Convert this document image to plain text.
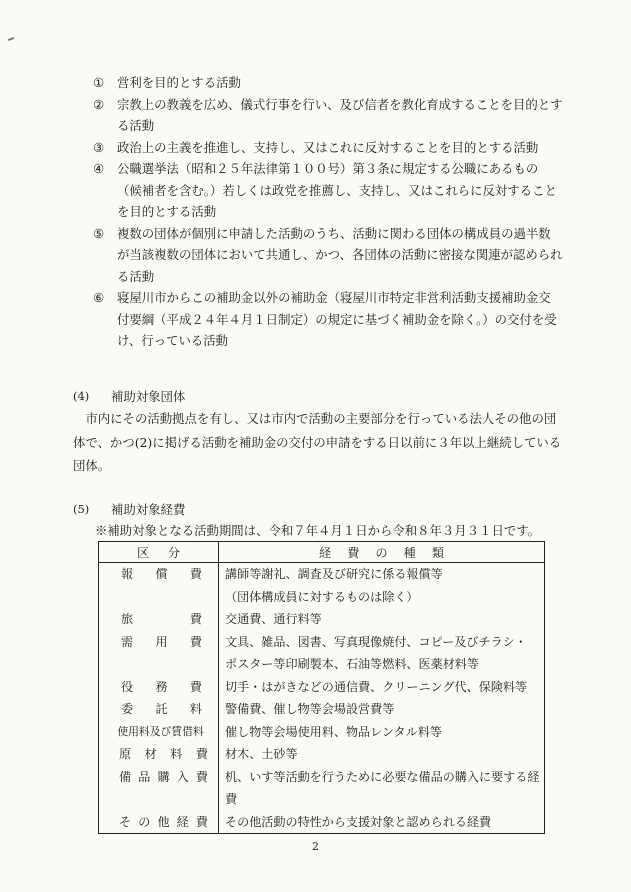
①	営利を目的とする活動
②	宗教上の教義を広め、儀式行事を行い、及び信者を教化育成することを目的とする活動
③	政治上の主義を推進し、支持し、又はこれに反対することを目的とする活動
④	公職選挙法（昭和２５年法律第１００号）第３条に規定する公職にあるもの（候補者を含む。）若しくは政党を推薦し、支持し、又はこれらに反対することを目的とする活動
⑤	複数の団体が個別に申請した活動のうち、活動に関わる団体の構成員の過半数が当該複数の団体において共通し、かつ、各団体の活動に密接な関連が認められる活動
⑥	寝屋川市からこの補助金以外の補助金（寝屋川市特定非営利活動支援補助金交付要綱（平成２４年４月１日制定）の規定に基づく補助金を除く。）の交付を受け、行っている活動
(4)	補助対象団体
市内にその活動拠点を有し、又は市内で活動の主要部分を行っている法人その他の団体で、かつ(2)に掲げる活動を補助金の交付の申請をする日以前に３年以上継続している団体。
(5)	補助対象経費
※補助対象となる活動期間は、令和７年４月１日から令和８年３月３１日です。
区 分	経 費 の 種 類

報 償 費	講師等謝礼、調査及び研究に係る報償等
	（団体構成員に対するものは除く）

旅 費	交通費、通行料等

需 用 費	文具、雑品、図書、写真現像焼付、コピー及びチラシ・
	ポスター等印刷製本、石油等燃料、医薬材料等

役 務 費	切手・はがきなどの通信費、クリーニング代、保険料等

委 託 料	警備費、催し物等会場設営費等

使用料及び賃借料	催し物等会場使用料、物品レンタル料等

原 材 料 費	材木、土砂等

備 品 購 入 費	机、いす等活動を行うために必要な備品の購入に要する経費

そ の 他 経 費	その他活動の特性から支援対象と認められる経費
2
